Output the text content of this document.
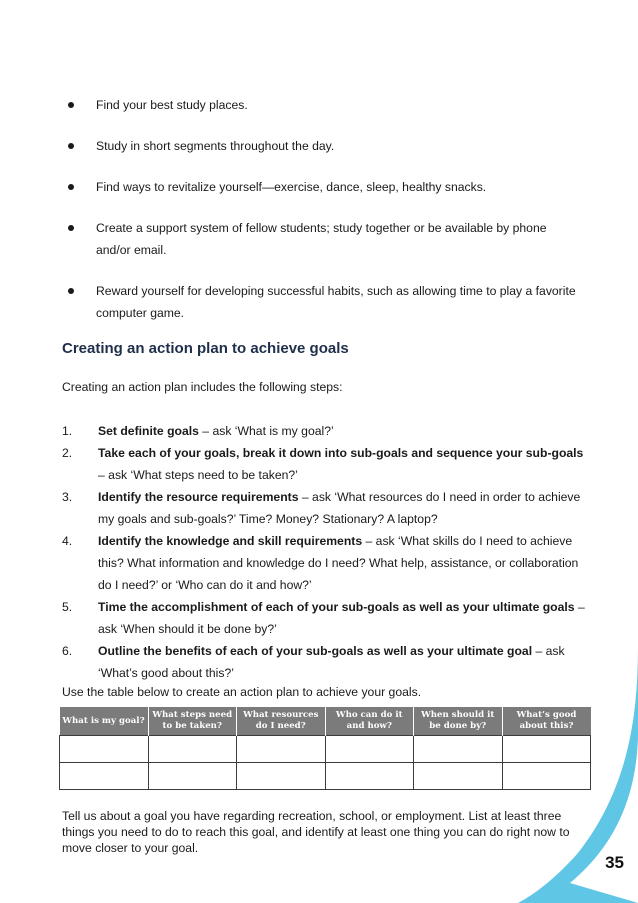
Find your best study places.
Study in short segments throughout the day.
Find ways to revitalize yourself—exercise, dance, sleep, healthy snacks.
Create a support system of fellow students; study together or be available by phone and/or email.
Reward yourself for developing successful habits, such as allowing time to play a favorite computer game.
Creating an action plan to achieve goals

Creating an action plan includes the following steps:

1. Set definite goals – ask ‘What is my goal?’
2. Take each of your goals, break it down into sub-goals and sequence your sub-goals – ask ‘What steps need to be taken?’
3. Identify the resource requirements – ask ‘What resources do I need in order to achieve my goals and sub-goals?’ Time? Money? Stationary? A laptop?
4. Identify the knowledge and skill requirements – ask ‘What skills do I need to achieve this? What information and knowledge do I need? What help, assistance, or collaboration do I need?’ or ‘Who can do it and how?’
5. Time the accomplishment of each of your sub-goals as well as your ultimate goals – ask ‘When should it be done by?’
6. Outline the benefits of each of your sub-goals as well as your ultimate goal – ask ‘What’s good about this?’

Use the table below to create an action plan to achieve your goals.

What is my goal?	What steps need to be taken?	What resources do I need?	Who can do it and how?	When should it be done by?	What’s good about this?

Tell us about a goal you have regarding recreation, school, or employment. List at least three things you need to do to reach this goal, and identify at least one thing you can do right now to move closer to your goal.

35
